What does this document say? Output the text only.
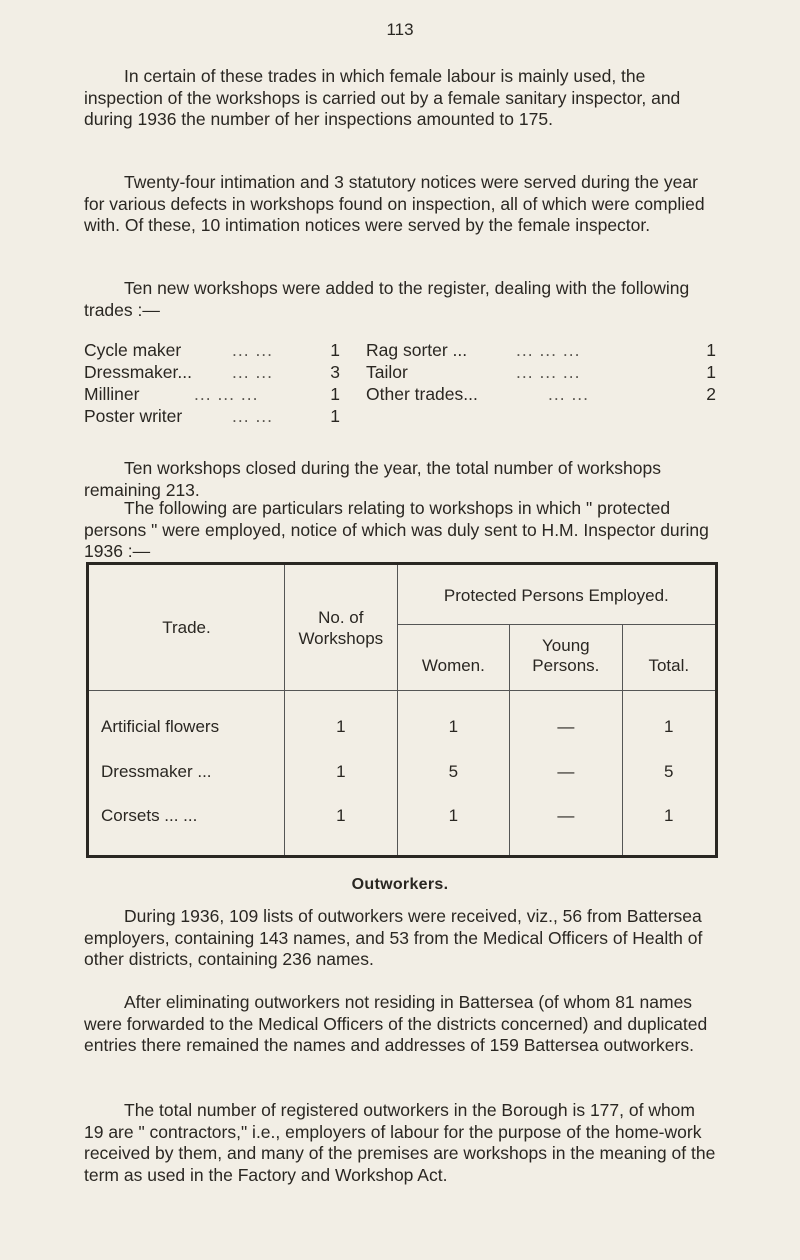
113

In certain of these trades in which female labour is mainly used, the inspection of the workshops is carried out by a female sanitary inspector, and during 1936 the number of her inspections amounted to 175.

Twenty-four intimation and 3 statutory notices were served during the year for various defects in workshops found on inspection, all of which were complied with. Of these, 10 intimation notices were served by the female inspector.

Ten new workshops were added to the register, dealing with the following trades :—

Cycle maker	... ...	1
Dressmaker... ... ...	3
Milliner	... ... ...	1
Poster writer	... ...	1
Rag sorter ...	... ... ...	1
Tailor	... ... ...	1
Other trades...	... ...	2

Ten workshops closed during the year, the total number of workshops remaining 213.

The following are particulars relating to workshops in which " protected persons " were employed, notice of which was duly sent to H.M. Inspector during 1936 :—

Trade.	No. of Workshops	Protected Persons Employed.		
		Women.	Young Persons.	Total.

Artificial flowers	1	1	—	1
Dressmaker ...	1	5	—	5
Corsets ... ...	1	1	—	1

Outworkers.

During 1936, 109 lists of outworkers were received, viz., 56 from Battersea employers, containing 143 names, and 53 from the Medical Officers of Health of other districts, containing 236 names.

After eliminating outworkers not residing in Battersea (of whom 81 names were forwarded to the Medical Officers of the districts concerned) and duplicated entries there remained the names and addresses of 159 Battersea outworkers.

The total number of registered outworkers in the Borough is 177, of whom 19 are " contractors," i.e., employers of labour for the purpose of the home-work received by them, and many of the premises are workshops in the meaning of the term as used in the Factory and Workshop Act.
